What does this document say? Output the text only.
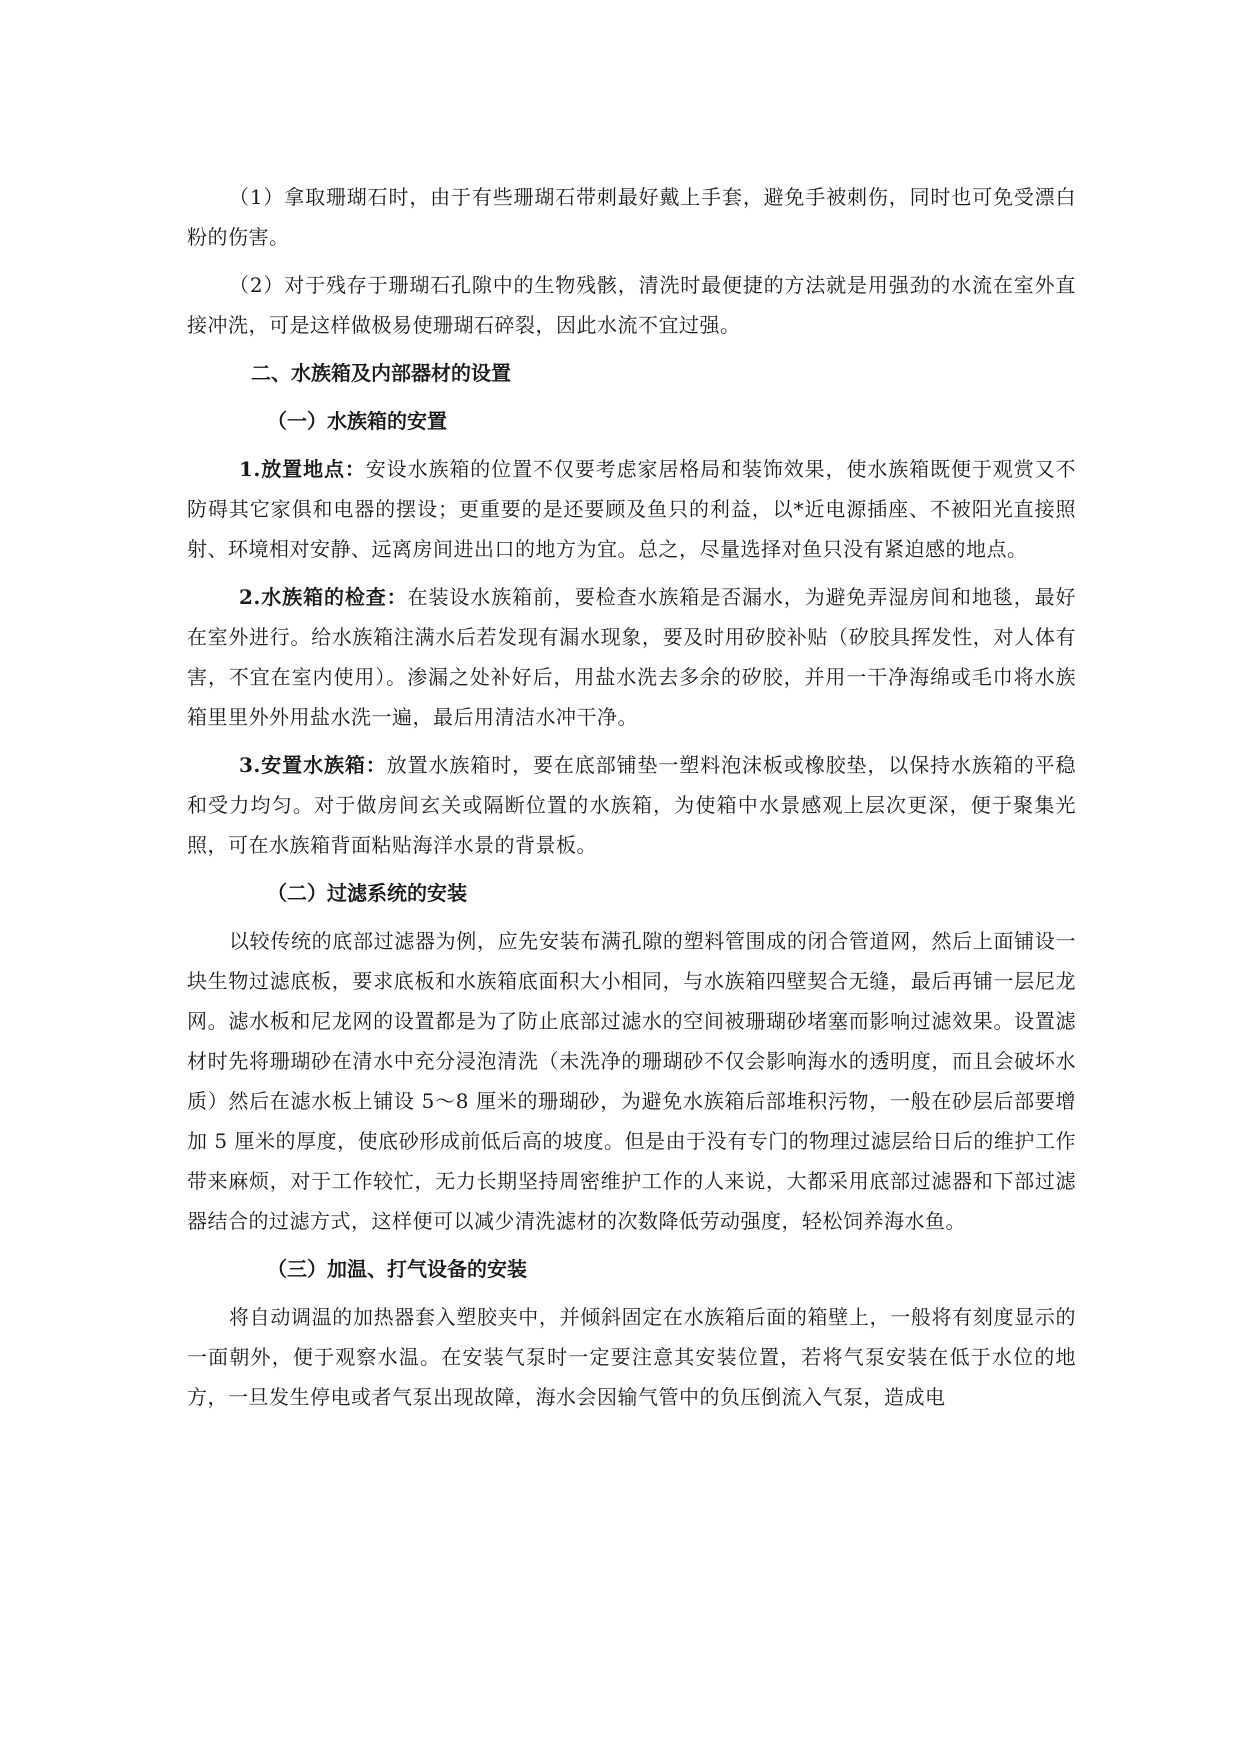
（1）拿取珊瑚石时，由于有些珊瑚石带刺最好戴上手套，避免手被刺伤，同时也可免受漂白粉的伤害。

（2）对于残存于珊瑚石孔隙中的生物残骸，清洗时最便捷的方法就是用强劲的水流在室外直接冲洗，可是这样做极易使珊瑚石碎裂，因此水流不宜过强。

二、水族箱及内部器材的设置
（一）水族箱的安置

1.放置地点：安设水族箱的位置不仅要考虑家居格局和装饰效果，使水族箱既便于观赏又不防碍其它家俱和电器的摆设；更重要的是还要顾及鱼只的利益，以*近电源插座、不被阳光直接照射、环境相对安静、远离房间进出口的地方为宜。总之，尽量选择对鱼只没有紧迫感的地点。

2.水族箱的检查：在装设水族箱前，要检查水族箱是否漏水，为避免弄湿房间和地毯，最好在室外进行。给水族箱注满水后若发现有漏水现象，要及时用矽胶补贴（矽胶具挥发性，对人体有害，不宜在室内使用）。渗漏之处补好后，用盐水洗去多余的矽胶，并用一干净海绵或毛巾将水族箱里里外外用盐水洗一遍，最后用清洁水冲干净。

3.安置水族箱：放置水族箱时，要在底部铺垫一塑料泡沫板或橡胶垫，以保持水族箱的平稳和受力均匀。对于做房间玄关或隔断位置的水族箱，为使箱中水景感观上层次更深，便于聚集光照，可在水族箱背面粘贴海洋水景的背景板。

（二）过滤系统的安装

以较传统的底部过滤器为例，应先安装布满孔隙的塑料管围成的闭合管道网，然后上面铺设一块生物过滤底板，要求底板和水族箱底面积大小相同，与水族箱四壁契合无缝，最后再铺一层尼龙网。滤水板和尼龙网的设置都是为了防止底部过滤水的空间被珊瑚砂堵塞而影响过滤效果。设置滤材时先将珊瑚砂在清水中充分浸泡清洗（未洗净的珊瑚砂不仅会影响海水的透明度，而且会破坏水质）然后在滤水板上铺设 5～8 厘米的珊瑚砂，为避免水族箱后部堆积污物，一般在砂层后部要增加 5 厘米的厚度，使底砂形成前低后高的坡度。但是由于没有专门的物理过滤层给日后的维护工作带来麻烦，对于工作较忙，无力长期坚持周密维护工作的人来说，大都采用底部过滤器和下部过滤器结合的过滤方式，这样便可以减少清洗滤材的次数降低劳动强度，轻松饲养海水鱼。

（三）加温、打气设备的安装

将自动调温的加热器套入塑胶夹中，并倾斜固定在水族箱后面的箱壁上，一般将有刻度显示的一面朝外，便于观察水温。在安装气泵时一定要注意其安装位置，若将气泵安装在低于水位的地方，一旦发生停电或者气泵出现故障，海水会因输气管中的负压倒流入气泵，造成电
